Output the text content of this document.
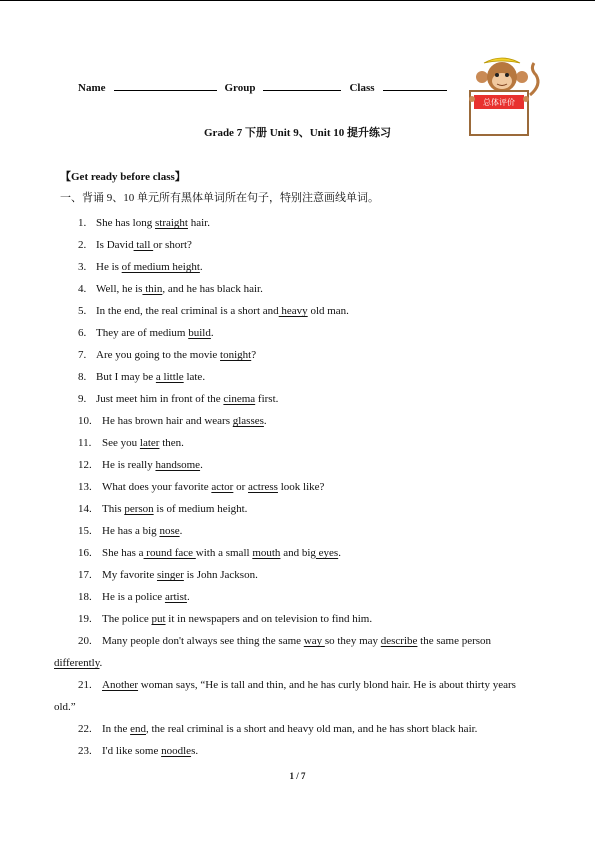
Name	Group	Class
总体评价
Grade 7 下册 Unit 9、Unit 10 提升练习
【Get ready before class】
一、背诵 9、10 单元所有黑体单词所在句子，特别注意画线单词。
1. She has long straight hair.
2. Is David tall or short?
3. He is of medium height.
4. Well, he is thin, and he has black hair.
5. In the end, the real criminal is a short and heavy old man.
6. They are of medium build.
7. Are you going to the movie tonight?
8. But I may be a little late.
9. Just meet him in front of the cinema first.
10. He has brown hair and wears glasses.
11. See you later then.
12. He is really handsome.
13. What does your favorite actor or actress look like?
14. This person is of medium height.
15. He has a big nose.
16. She has a round face with a small mouth and big eyes.
17. My favorite singer is John Jackson.
18. He is a police artist.
19. The police put it in newspapers and on television to find him.
20. Many people don't always see thing the same way so they may describe the same person
differently.
21. Another woman says, “He is tall and thin, and he has curly blond hair. He is about thirty years
old.”
22. In the end, the real criminal is a short and heavy old man, and he has short black hair.
23. I'd like some noodles.
1 / 7
